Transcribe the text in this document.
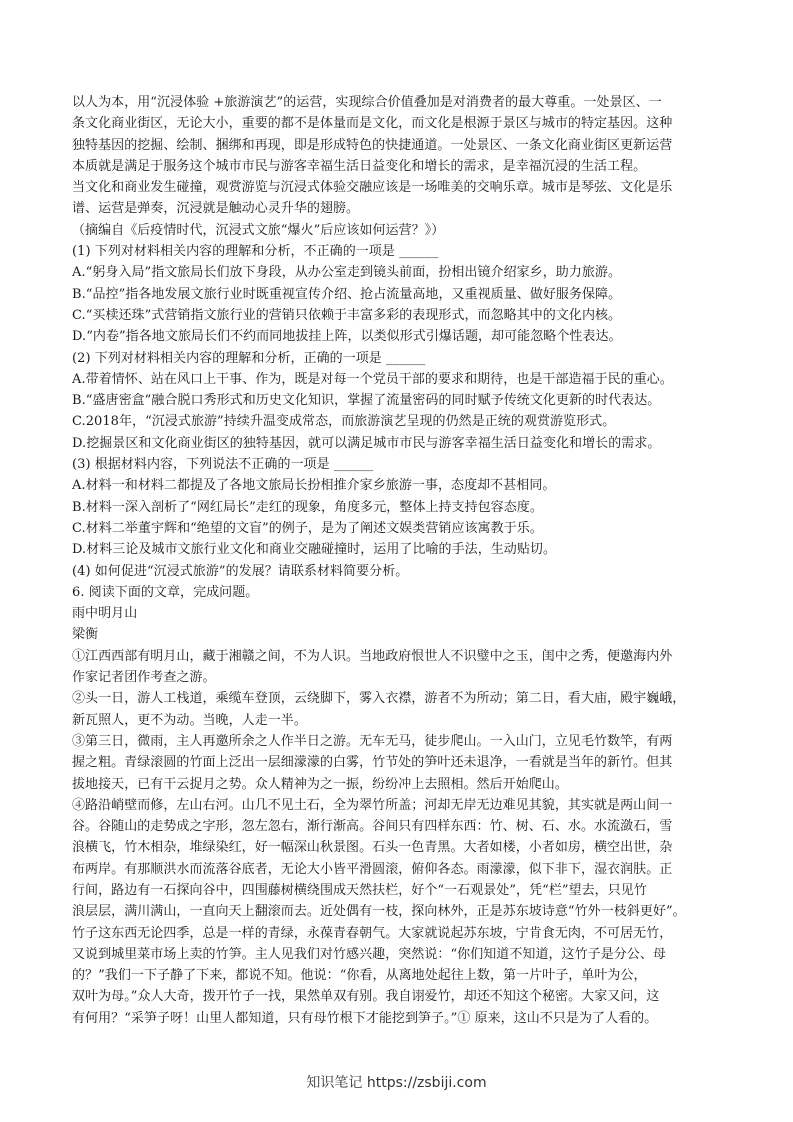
以人为本，用“沉浸体验 +旅游演艺”的运营，实现综合价值叠加是对消费者的最大尊重。一处景区、一
条文化商业街区，无论大小，重要的都不是体量而是文化，而文化是根源于景区与城市的特定基因。这种
独特基因的挖掘、绘制、捆绑和再现，即是形成特色的快捷通道。一处景区、一条文化商业街区更新运营
本质就是满足于服务这个城市市民与游客幸福生活日益变化和增长的需求，是幸福沉浸的生活工程。
当文化和商业发生碰撞，观赏游览与沉浸式体验交融应该是一场唯美的交响乐章。城市是琴弦、文化是乐
谱、运营是弹奏，沉浸就是触动心灵升华的翅膀。
（摘编自《后疫情时代，沉浸式文旅“爆火”后应该如何运营？》）
(1) 下列对材料相关内容的理解和分析，不正确的一项是 ______
A.“躬身入局”指文旅局长们放下身段，从办公室走到镜头前面，扮相出镜介绍家乡，助力旅游。
B.“品控”指各地发展文旅行业时既重视宣传介绍、抢占流量高地，又重视质量、做好服务保障。
C.“买椟还珠”式营销指文旅行业的营销只依赖于丰富多彩的表现形式，而忽略其中的文化内核。
D.“内卷”指各地文旅局长们不约而同地拔挂上阵，以类似形式引爆话题，却可能忽略个性表达。
(2) 下列对材料相关内容的理解和分析，正确的一项是 ______
A.带着情怀、站在风口上干事、作为，既是对每一个党员干部的要求和期待，也是干部造福于民的重心。
B.“盛唐密盒”融合脱口秀形式和历史文化知识，掌握了流量密码的同时赋予传统文化更新的时代表达。
C.2018年，“沉浸式旅游”持续升温变成常态，而旅游演艺呈现的仍然是正统的观赏游览形式。
D.挖掘景区和文化商业街区的独特基因，就可以满足城市市民与游客幸福生活日益变化和增长的需求。
(3) 根据材料内容，下列说法不正确的一项是 ______
A.材料一和材料二都提及了各地文旅局长扮相推介家乡旅游一事，态度却不甚相同。
B.材料一深入剖析了“网红局长”走红的现象，角度多元，整体上持支持包容态度。
C.材料二举董宇辉和“绝望的文盲”的例子，是为了阐述文娱类营销应该寓教于乐。
D.材料三论及城市文旅行业文化和商业交融碰撞时，运用了比喻的手法，生动贴切。
(4) 如何促进“沉浸式旅游”的发展？请联系材料简要分析。
6. 阅读下面的文章，完成问题。
雨中明月山
梁衡
①江西西部有明月山，藏于湘赣之间，不为人识。当地政府恨世人不识璧中之玉，闺中之秀，便邀海内外
作家记者团作考查之游。
②头一日，游人工栈道，乘缆车登顶，云绕脚下，雾入衣襟，游者不为所动；第二日，看大庙，殿宇巍峨，
新瓦照人，更不为动。当晚，人走一半。
③第三日，微雨，主人再邀所余之人作半日之游。无车无马，徒步爬山。一入山门，立见毛竹数竿，有两
握之粗。青绿滚圆的竹面上泛出一层细濛濛的白雾，竹节处的笋叶还未退净，一看就是当年的新竹。但其
拔地接天，已有干云捉月之势。众人精神为之一振，纷纷冲上去照相。然后开始爬山。
④路沿峭壁而修，左山右河。山几不见土石，全为翠竹所盖；河却无岸无边难见其貌，其实就是两山间一
谷。谷随山的走势成之字形，忽左忽右，渐行渐高。谷间只有四样东西：竹、树、石、水。水流潋石，雪
浪横飞，竹木相杂，堆绿染红，好一幅深山秋景图。石头一色青黑。大者如楼，小者如房，横空出世，杂
布两岸。有那顺洪水而流落谷底者，无论大小皆平滑圆滚，俯仰各态。雨濛濛，似下非下，湿衣润肤。正
行间，路边有一石探向谷中，四围藤树横绕围成天然扶栏，好个“一石观景处”，凭“栏”望去，只见竹
浪层层，满川满山，一直向天上翻滚而去。近处偶有一枝，探向林外，正是苏东坡诗意“竹外一枝斜更好”。
竹子这东西无论四季，总是一样的青绿，永葆青春朝气。大家就说起苏东坡，宁肯食无肉，不可居无竹，
又说到城里菜市场上卖的竹笋。主人见我们对竹感兴趣，突然说：“你们知道不知道，这竹子是分公、母
的？”我们一下子静了下来，都说不知。他说：“你看，从离地处起往上数，第一片叶子，单叶为公，
双叶为母。”众人大奇，拨开竹子一找，果然单双有别。我自诩爱竹，却还不知这个秘密。大家又问，这
有何用？“采笋子呀！山里人都知道，只有母竹根下才能挖到笋子。”① 原来，这山不只是为了人看的。
知识笔记 https://zsbiji.com
